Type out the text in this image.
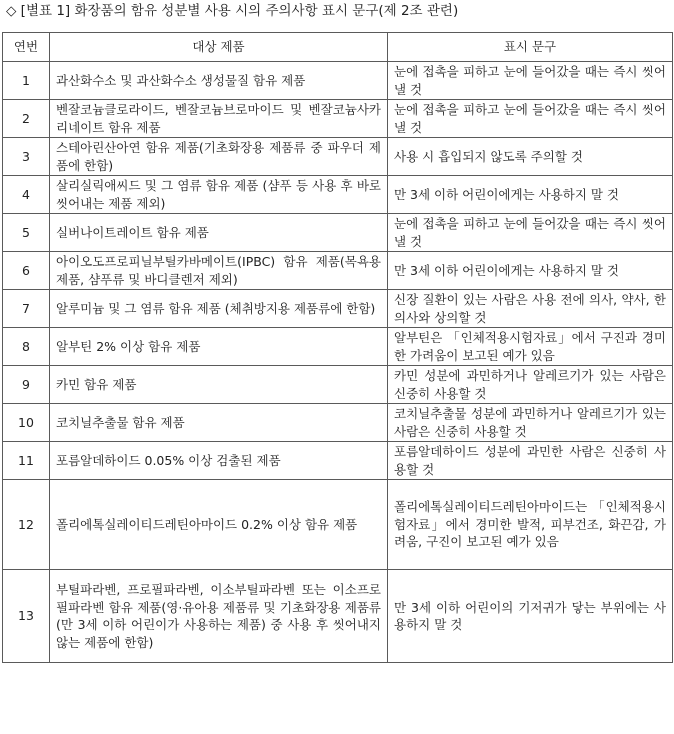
◇ [별표 1] 화장품의 함유 성분별 사용 시의 주의사항 표시 문구(제 2조 관련)
연번	대상 제품	표시 문구
1	과산화수소 및 과산화수소 생성물질 함유 제품	눈에 접촉을 피하고 눈에 들어갔을 때는 즉시 씻어낼 것
2	벤잘코늄클로라이드, 벤잘코늄브로마이드 및 벤잘코늄사카리네이트 함유 제품	눈에 접촉을 피하고 눈에 들어갔을 때는 즉시 씻어낼 것
3	스테아린산아연 함유 제품(기초화장용 제품류 중 파우더 제품에 한함)	사용 시 흡입되지 않도록 주의할 것
4	살리실릭애씨드 및 그 염류 함유 제품 (샴푸 등 사용 후 바로 씻어내는 제품 제외)	만 3세 이하 어린이에게는 사용하지 말 것
5	실버나이트레이트 함유 제품	눈에 접촉을 피하고 눈에 들어갔을 때는 즉시 씻어낼 것
6	아이오도프로피닐부틸카바메이트(IPBC) 함유 제품(목욕용제품, 샴푸류 및 바디클렌저 제외)	만 3세 이하 어린이에게는 사용하지 말 것
7	알루미늄 및 그 염류 함유 제품 (체취방지용 제품류에 한함)	신장 질환이 있는 사람은 사용 전에 의사, 약사, 한의사와 상의할 것
8	알부틴 2% 이상 함유 제품	알부틴은 「인체적용시험자료」에서 구진과 경미한 가려움이 보고된 예가 있음
9	카민 함유 제품	카민 성분에 과민하거나 알레르기가 있는 사람은 신중히 사용할 것
10	코치닐추출물 함유 제품	코치닐추출물 성분에 과민하거나 알레르기가 있는 사람은 신중히 사용할 것
11	포름알데하이드 0.05% 이상 검출된 제품	포름알데하이드 성분에 과민한 사람은 신중히 사용할 것
12	폴리에톡실레이티드레틴아마이드 0.2% 이상 함유 제품	폴리에톡실레이티드레틴아마이드는 「인체적용시험자료」에서 경미한 발적, 피부건조, 화끈감, 가려움, 구진이 보고된 예가 있음
13	부틸파라벤, 프로필파라벤, 이소부틸파라벤 또는 이소프로필파라벤 함유 제품(영·유아용 제품류 및 기초화장용 제품류(만 3세 이하 어린이가 사용하는 제품) 중 사용 후 씻어내지 않는 제품에 한함)	만 3세 이하 어린이의 기저귀가 닿는 부위에는 사용하지 말 것
